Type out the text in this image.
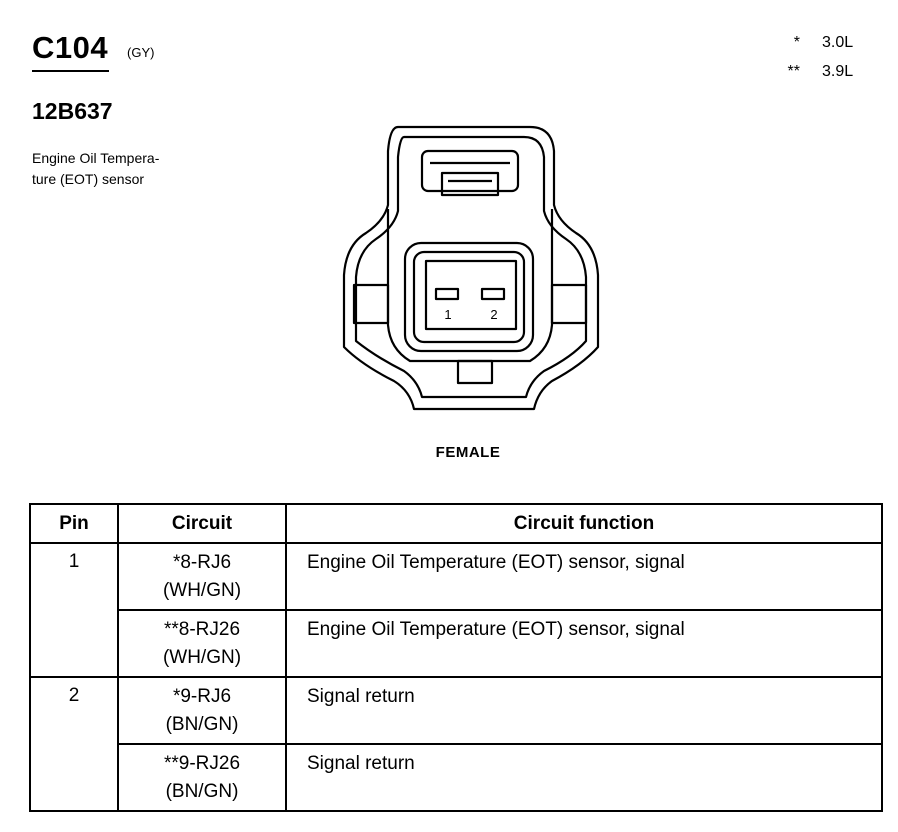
C104 (GY)
12B637
Engine Oil Tempera-
ture (EOT) sensor
* 3.0L
** 3.9L
1	2
FEMALE
Pin	Circuit	Circuit function
1	*8-RJ6
(WH/GN)	Engine Oil Temperature (EOT) sensor, signal

	**8-RJ26
(WH/GN)	Engine Oil Temperature (EOT) sensor, signal
2	*9-RJ6
(BN/GN)	Signal return

	**9-RJ26
(BN/GN)	Signal return
